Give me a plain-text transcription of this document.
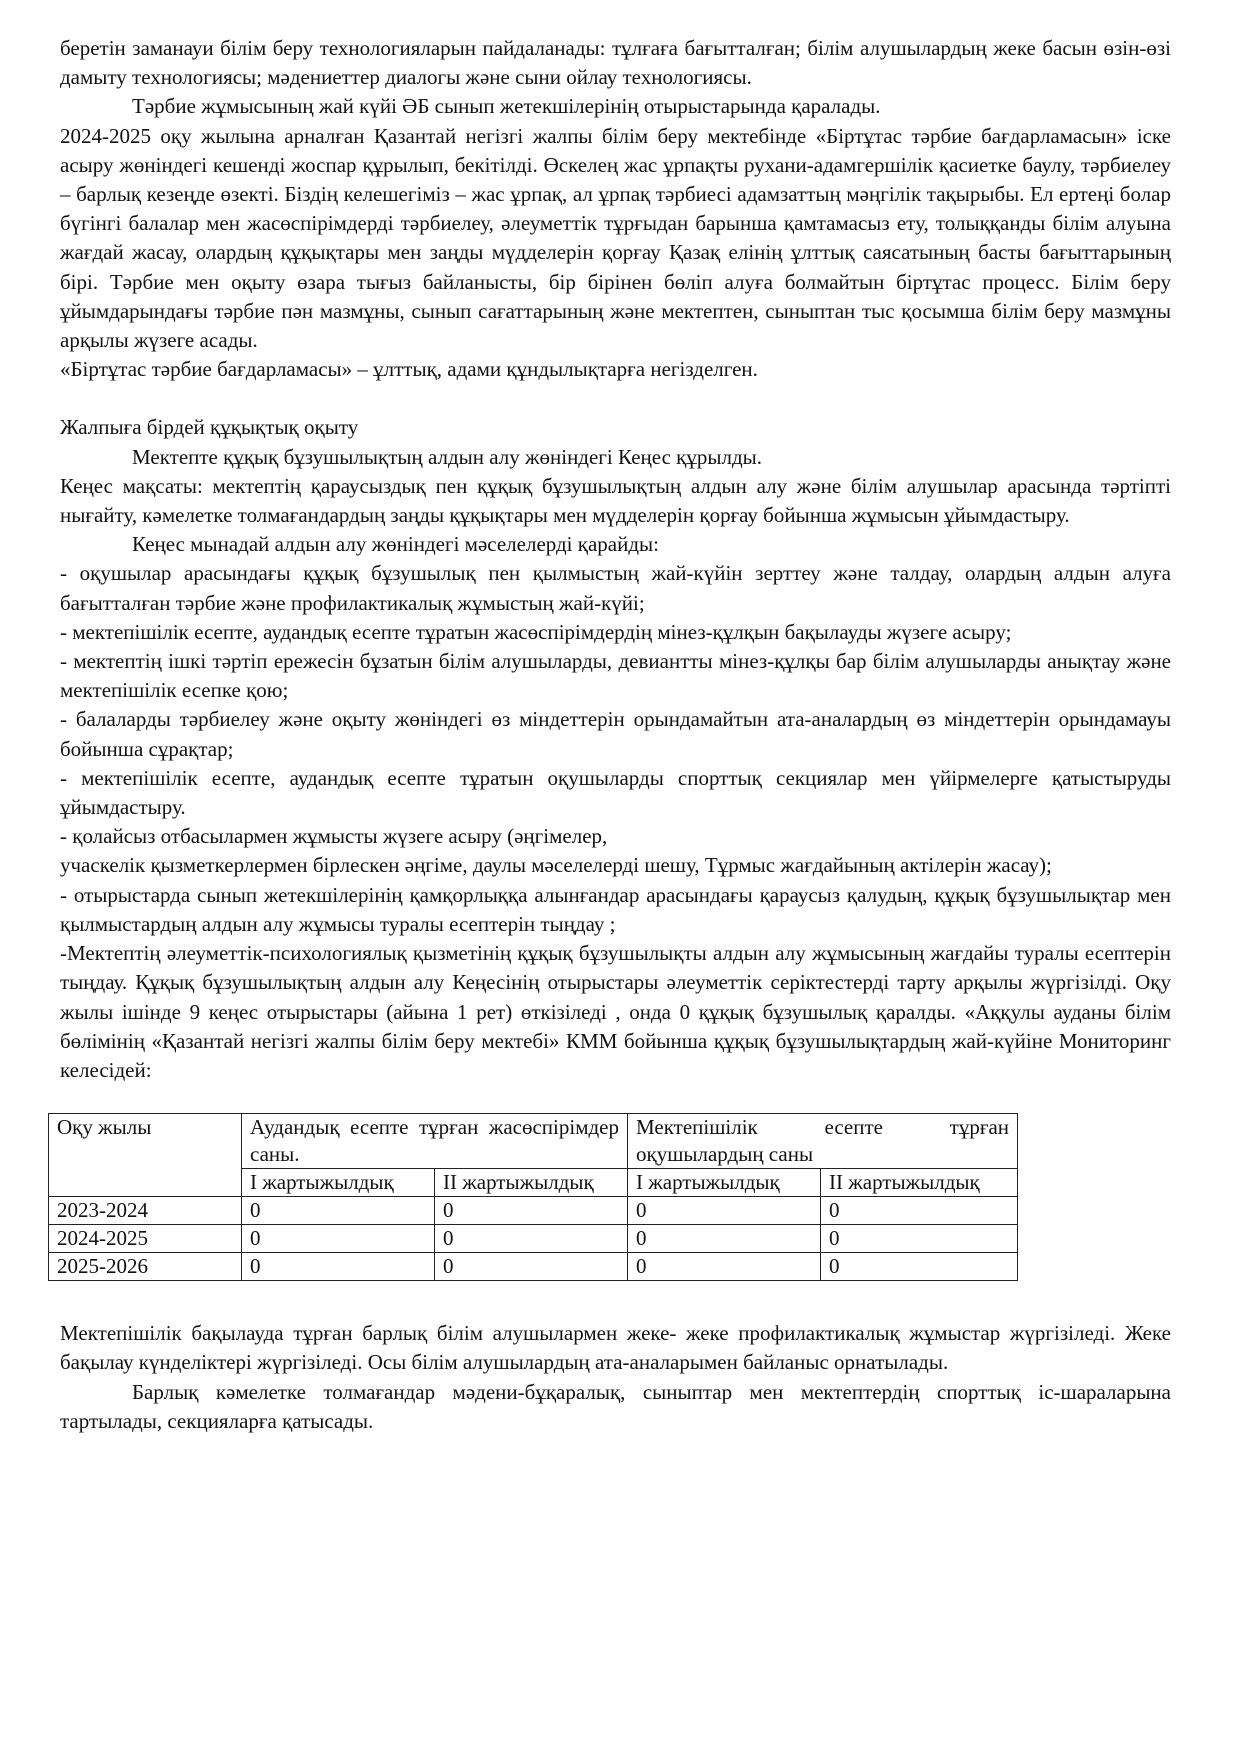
беретін заманауи білім беру технологияларын пайдаланады: тұлғаға бағытталған; білім алушылардың жеке басын өзін-өзі дамыту технологиясы; мәдениеттер диалогы және сыни ойлау технологиясы.

Тәрбие жұмысының жай күйі ӘБ сынып жетекшілерінің отырыстарында қаралады.

2024-2025 оқу жылына арналған Қазантай негізгі жалпы білім беру мектебінде «Біртұтас тәрбие бағдарламасын» іске асыру жөніндегі кешенді жоспар құрылып, бекітілді. Өскелең жас ұрпақты рухани-адамгершілік қасиетке баулу, тәрбиелеу – барлық кезеңде өзекті. Біздің келешегіміз – жас ұрпақ, ал ұрпақ тәрбиесі адамзаттың мәңгілік тақырыбы. Ел ертеңі болар бүгінгі балалар мен жасөспірімдерді тәрбиелеу, әлеуметтік тұрғыдан барынша қамтамасыз ету, толыққанды білім алуына жағдай жасау, олардың құқықтары мен заңды мүдделерін қорғау Қазақ елінің ұлттық саясатының басты бағыттарының бірі. Тәрбие мен оқыту өзара тығыз байланысты, бір бірінен бөліп алуға болмайтын біртұтас процесс. Білім беру ұйымдарындағы тәрбие пән мазмұны, сынып сағаттарының және мектептен, сыныптан тыс қосымша білім беру мазмұны арқылы жүзеге асады.

«Біртұтас тәрбие бағдарламасы» – ұлттық, адами құндылықтарға негізделген.

Жалпыға бірдей құқықтық оқыту

Мектепте құқық бұзушылықтың алдын алу жөніндегі Кеңес құрылды.

Кеңес мақсаты: мектептің қараусыздық пен құқық бұзушылықтың алдын алу және білім алушылар арасында тәртіпті нығайту, кәмелетке толмағандардың заңды құқықтары мен мүдделерін қорғау бойынша жұмысын ұйымдастыру.

Кеңес мынадай алдын алу жөніндегі мәселелерді қарайды:

- оқушылар арасындағы құқық бұзушылық пен қылмыстың жай-күйін зерттеу және талдау, олардың алдын алуға бағытталған тәрбие және профилактикалық жұмыстың жай-күйі;

- мектепішілік есепте, аудандық есепте тұратын жасөспірімдердің мінез-құлқын бақылауды жүзеге асыру;

- мектептің ішкі тәртіп ережесін бұзатын білім алушыларды, девиантты мінез-құлқы бар білім алушыларды анықтау және мектепішілік есепке қою;

- балаларды тәрбиелеу және оқыту жөніндегі өз міндеттерін орындамайтын ата-аналардың өз міндеттерін орындамауы бойынша сұрақтар;

- мектепішілік есепте, аудандық есепте тұратын оқушыларды спорттық секциялар мен үйірмелерге қатыстыруды ұйымдастыру.

- қолайсыз отбасылармен жұмысты жүзеге асыру (әңгімелер,

учаскелік қызметкерлермен бірлескен әңгіме, даулы мәселелерді шешу, Тұрмыс жағдайының актілерін жасау);

- отырыстарда сынып жетекшілерінің қамқорлыққа алынғандар арасындағы қараусыз қалудың, құқық бұзушылықтар мен қылмыстардың алдын алу жұмысы туралы есептерін тыңдау ;

-Мектептің әлеуметтік-психологиялық қызметінің құқық бұзушылықты алдын алу жұмысының жағдайы туралы есептерін тыңдау. Құқық бұзушылықтың алдын алу Кеңесінің отырыстары әлеуметтік серіктестерді тарту арқылы жүргізілді. Оқу жылы ішінде 9 кеңес отырыстары (айына 1 рет) өткізіледі , онда 0 құқық бұзушылық қаралды. «Аққулы ауданы білім бөлімінің «Қазантай негізгі жалпы білім беру мектебі» КММ бойынша құқық бұзушылықтардың жай-күйіне Мониторинг келесідей:

Оқу жылы	Аудандық есепте тұрған жасөспірімдер саны.		Мектепішілік есепте тұрған оқушылардың саны	

	I жартыжылдық	II жартыжылдық	I жартыжылдық	II жартыжылдық
2023-2024	0	0	0	0
2024-2025	0	0	0	0
2025-2026	0	0	0	0

Мектепішілік бақылауда тұрған барлық білім алушылармен жеке- жеке профилактикалық жұмыстар жүргізіледі. Жеке бақылау күнделіктері жүргізіледі. Осы білім алушылардың ата-аналарымен байланыс орнатылады.

Барлық кәмелетке толмағандар мәдени-бұқаралық, сыныптар мен мектептердің спорттық іс-шараларына тартылады, секцияларға қатысады.
